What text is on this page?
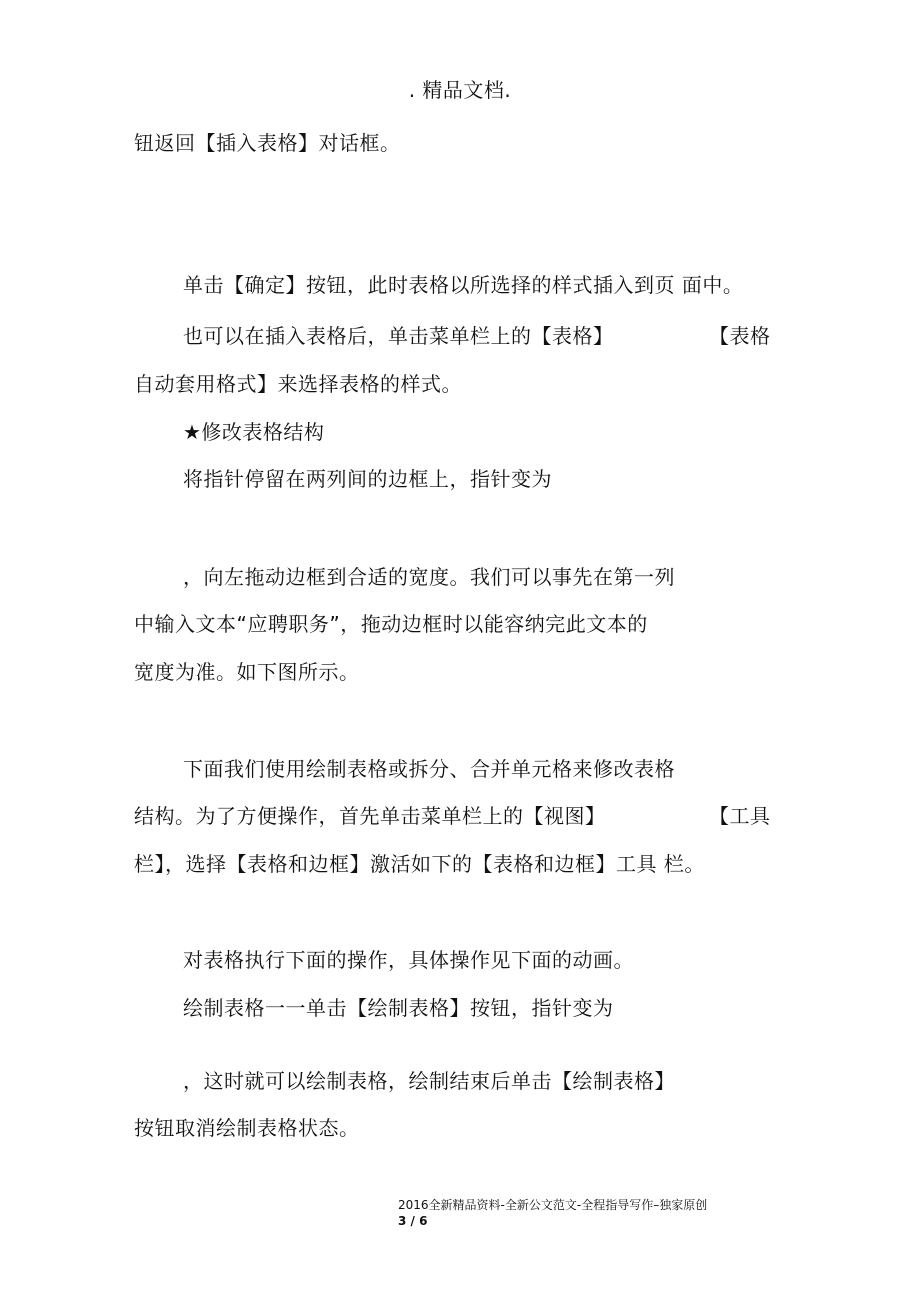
. 精品文档.
钮返回【插入表格】对话框。
单击【确定】按钮，此时表格以所选择的样式插入到页 面中。
也可以在插入表格后，单击菜单栏上的【表格】	【表格
自动套用格式】来选择表格的样式。
★修改表格结构
将指针停留在两列间的边框上，指针变为
，向左拖动边框到合适的宽度。我们可以事先在第一列
中输入文本“应聘职务”，拖动边框时以能容纳完此文本的
宽度为准。如下图所示。
下面我们使用绘制表格或拆分、合并单元格来修改表格
结构。为了方便操作，首先单击菜单栏上的【视图】	【工具
栏】，选择【表格和边框】激活如下的【表格和边框】工具 栏。
对表格执行下面的操作，具体操作见下面的动画。
绘制表格一一单击【绘制表格】按钮，指针变为
，这时就可以绘制表格，绘制结束后单击【绘制表格】
按钮取消绘制表格状态。
2016全新精品资料-全新公文范文-全程指导写作–独家原创
3 / 6
